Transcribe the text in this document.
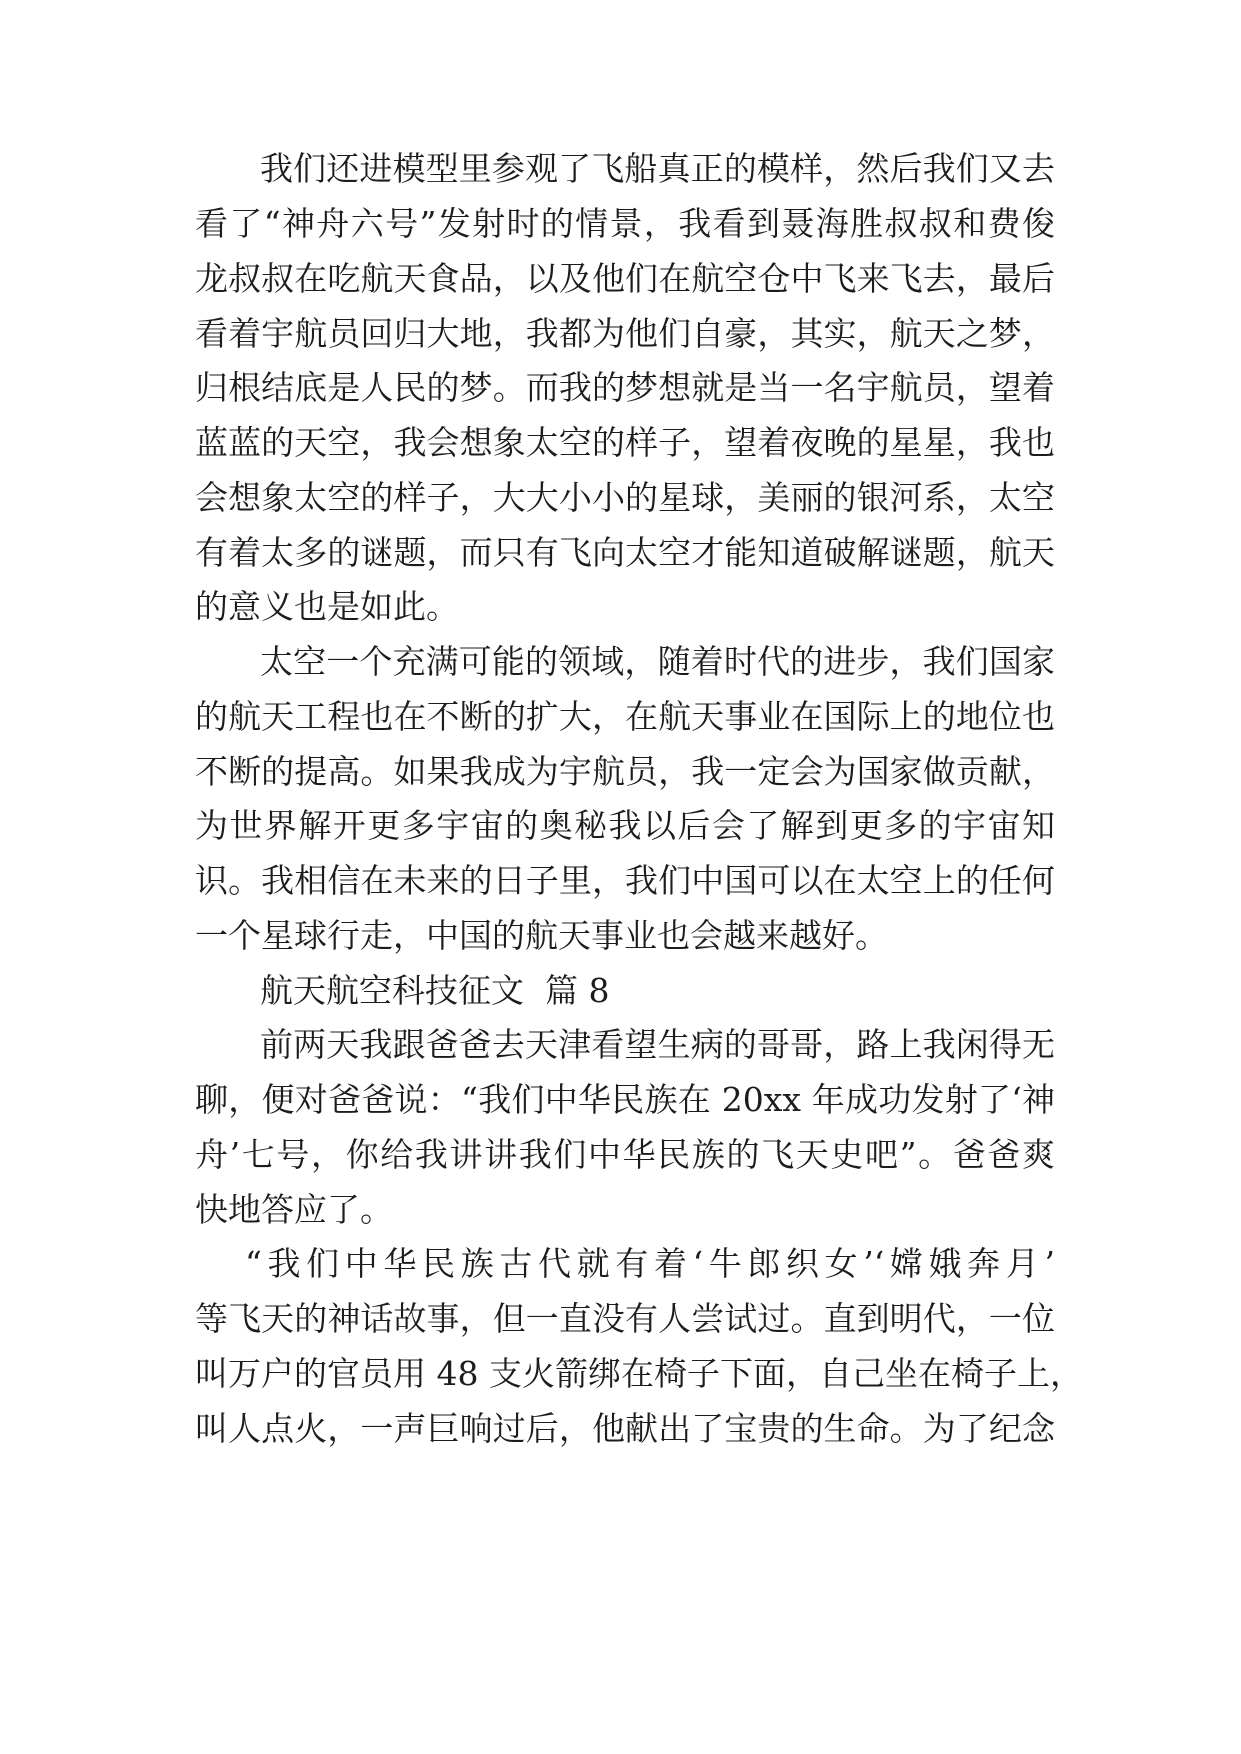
我们还进模型里参观了飞船真正的模样，然后我们又去

看了“神舟六号”发射时的情景，我看到聂海胜叔叔和费俊

龙叔叔在吃航天食品，以及他们在航空仓中飞来飞去，最后

看着宇航员回归大地，我都为他们自豪，其实，航天之梦，

归根结底是人民的梦。而我的梦想就是当一名宇航员，望着

蓝蓝的天空，我会想象太空的样子，望着夜晚的星星，我也

会想象太空的样子，大大小小的星球，美丽的银河系，太空

有着太多的谜题，而只有飞向太空才能知道破解谜题，航天

的意义也是如此。

太空一个充满可能的领域，随着时代的进步，我们国家

的航天工程也在不断的扩大，在航天事业在国际上的地位也

不断的提高。如果我成为宇航员，我一定会为国家做贡献，

为世界解开更多宇宙的奥秘我以后会了解到更多的宇宙知

识。我相信在未来的日子里，我们中国可以在太空上的任何

一个星球行走，中国的航天事业也会越来越好。

航天航空科技征文  篇 8

前两天我跟爸爸去天津看望生病的哥哥，路上我闲得无

聊，便对爸爸说：“我们中华民族在 20xx 年成功发射了‘神

舟’七号，你给我讲讲我们中华民族的飞天史吧”。爸爸爽

快地答应了。

“我们中华民族古代就有着‘牛郎织女’‘嫦娥奔月’

等飞天的神话故事，但一直没有人尝试过。直到明代，一位

叫万户的官员用 48 支火箭绑在椅子下面，自己坐在椅子上，

叫人点火，一声巨响过后，他献出了宝贵的生命。为了纪念
